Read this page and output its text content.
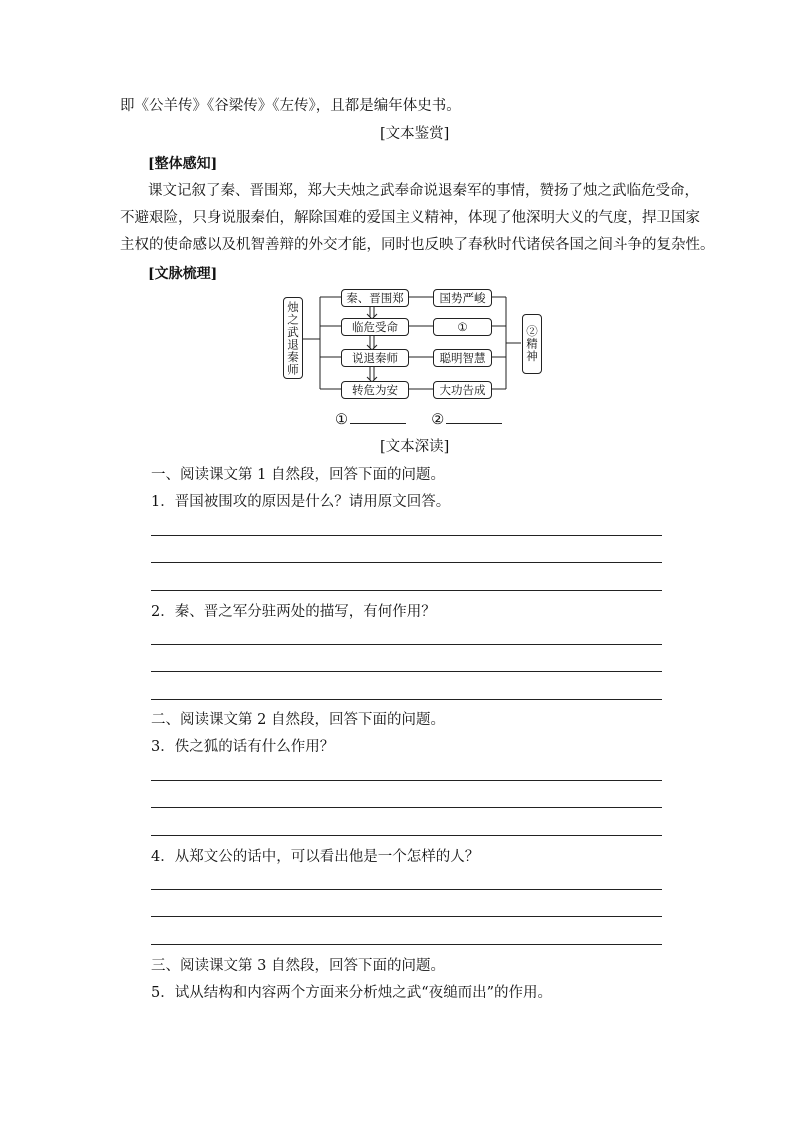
即《公羊传》《谷梁传》《左传》，且都是编年体史书。
[文本鉴赏]
[整体感知]
课文记叙了秦、晋围郑，郑大夫烛之武奉命说退秦军的事情，赞扬了烛之武临危受命，
不避艰险，只身说服秦伯，解除国难的爱国主义精神，体现了他深明大义的气度，捍卫国家
主权的使命感以及机智善辩的外交才能，同时也反映了春秋时代诸侯各国之间斗争的复杂性。
[文脉梳理]
烛之武退秦师
秦、晋围郑
临危受命
说退秦师
转危为安
国势严峻
①
聪明智慧
大功告成
②精神
①	②
[文本深读]
一、阅读课文第 1 自然段，回答下面的问题。
1．晋国被围攻的原因是什么？请用原文回答。
2．秦、晋之军分驻两处的描写，有何作用？
二、阅读课文第 2 自然段，回答下面的问题。
3．佚之狐的话有什么作用？
4．从郑文公的话中，可以看出他是一个怎样的人？
三、阅读课文第 3 自然段，回答下面的问题。
5．试从结构和内容两个方面来分析烛之武“夜缒而出”的作用。
